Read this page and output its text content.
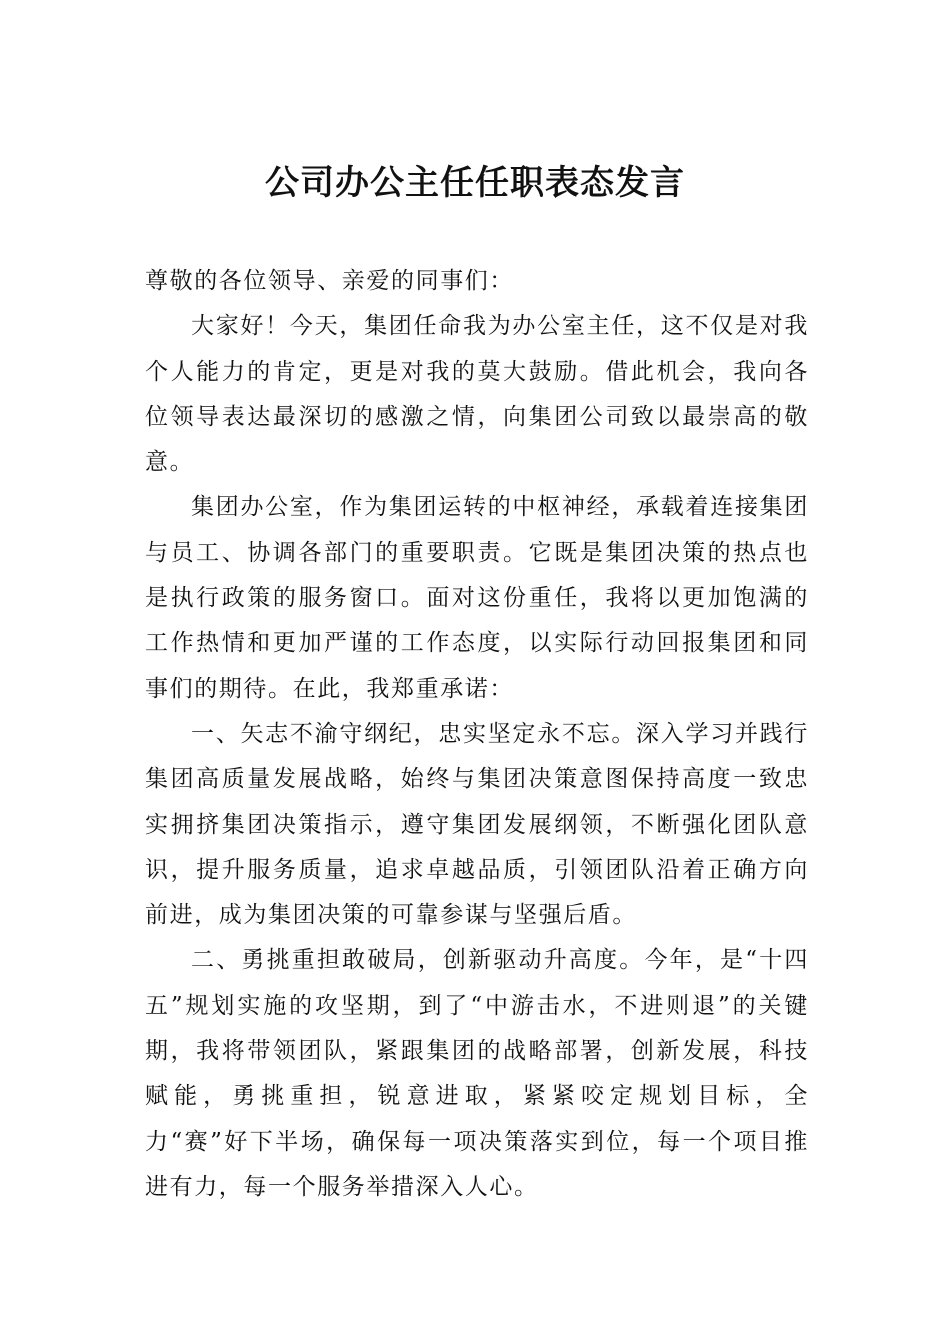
公司办公主任任职表态发言

尊敬的各位领导、亲爱的同事们：

大家好！今天，集团任命我为办公室主任，这不仅是对我个人能力的肯定，更是对我的莫大鼓励。借此机会，我向各位领导表达最深切的感激之情，向集团公司致以最崇高的敬意。

集团办公室，作为集团运转的中枢神经，承载着连接集团与员工、协调各部门的重要职责。它既是集团决策的热点也是执行政策的服务窗口。面对这份重任，我将以更加饱满的工作热情和更加严谨的工作态度，以实际行动回报集团和同事们的期待。在此，我郑重承诺：

一、矢志不渝守纲纪，忠实坚定永不忘。深入学习并践行集团高质量发展战略，始终与集团决策意图保持高度一致忠实拥挤集团决策指示，遵守集团发展纲领，不断强化团队意识，提升服务质量，追求卓越品质，引领团队沿着正确方向前进，成为集团决策的可靠参谋与坚强后盾。

二、勇挑重担敢破局，创新驱动升高度。今年，是“十四五”规划实施的攻坚期，到了“中游击水，不进则退”的关键期，我将带领团队，紧跟集团的战略部署，创新发展，科技赋能，勇挑重担，锐意进取，紧紧咬定规划目标，全力“赛”好下半场，确保每一项决策落实到位，每一个项目推进有力，每一个服务举措深入人心。
